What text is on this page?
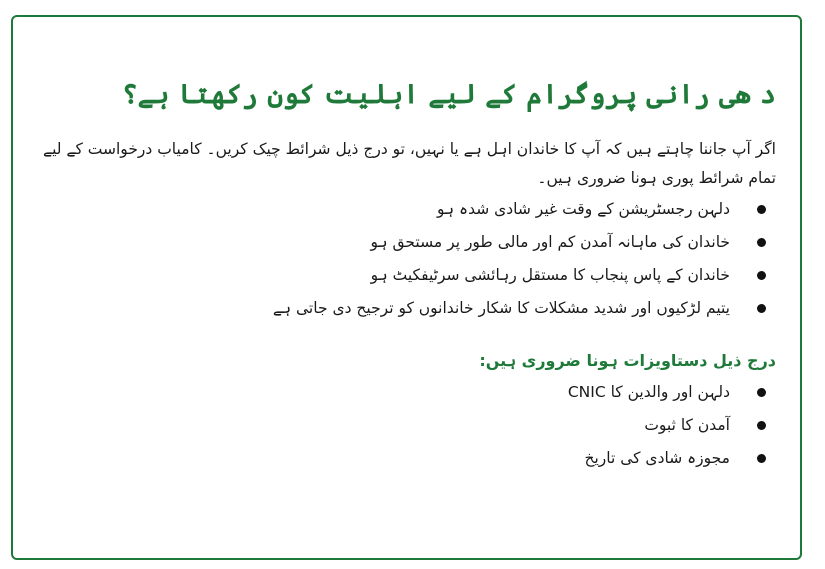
د ھی رانی پروگرام کے لیے اہلیت کون رکھتا ہے؟

اگر آپ جاننا چاہتے ہیں کہ آپ کا خاندان اہل ہے یا نہیں، تو درج ذیل شرائط چیک کریں۔ کامیاب درخواست کے لیے تمام شرائط پوری ہونا ضروری ہیں۔

دلہن رجسٹریشن کے وقت غیر شادی شدہ ہو
خاندان کی ماہانہ آمدن کم اور مالی طور پر مستحق ہو
خاندان کے پاس پنجاب کا مستقل رہائشی سرٹیفکیٹ ہو
یتیم لڑکیوں اور شدید مشکلات کا شکار خاندانوں کو ترجیح دی جاتی ہے
درج ذیل دستاویزات ہونا ضروری ہیں:
دلہن اور والدین کا CNIC
آمدن کا ثبوت
مجوزہ شادی کی تاریخ
